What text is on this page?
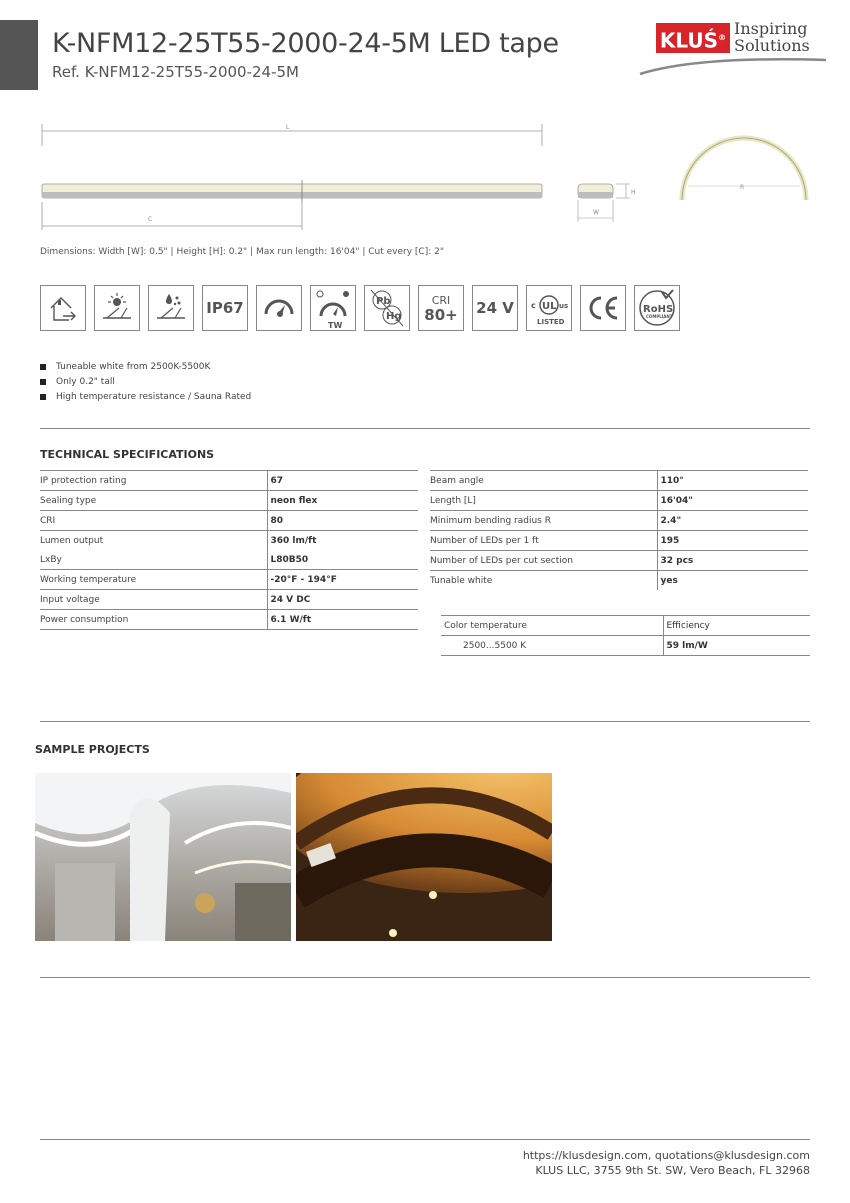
K-NFM12-25T55-2000-24-5M LED tape
Ref. K-NFM12-25T55-2000-24-5M
KLUŚ® Inspiring
Solutions
L
C
H
W
R
Dimensions: Width [W]: 0.5" | Height [H]: 0.2" | Max run length: 16'04" | Cut every [C]: 2"
IP67
TW
Pb
Hg
CRI
80+ 24 V	UL
c	us
LISTED
RoHS
COMPLIANT
Tuneable white from 2500K-5500K
Only 0.2" tall
High temperature resistance / Sauna Rated
TECHNICAL SPECIFICATIONS
IP protection rating	67
Sealing type	neon flex
CRI	80
Lumen output	360 lm/ft
LxBy	L80B50
Working temperature	-20°F - 194°F
Input voltage	24 V DC
Power consumption	6.1 W/ft
Beam angle	110°
Length [L]	16'04"
Minimum bending radius R	2.4"
Number of LEDs per 1 ft	195
Number of LEDs per cut section	32 pcs
Tunable white	yes
Color temperature	Efficiency
2500...5500 K	59 lm/W
SAMPLE PROJECTS
https://klusdesign.com, quotations@klusdesign.com
KLUS LLC, 3755 9th St. SW, Vero Beach, FL 32968
